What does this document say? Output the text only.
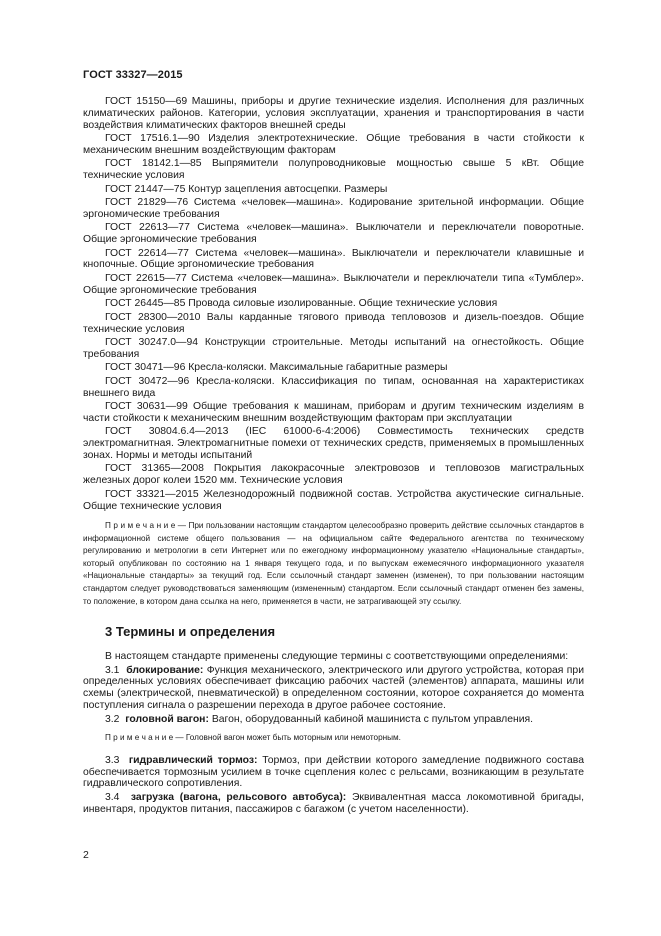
ГОСТ 33327—2015

ГОСТ 15150—69 Машины, приборы и другие технические изделия. Исполнения для различных климатических районов. Категории, условия эксплуатации, хранения и транспортирования в части воздействия климатических факторов внешней среды

ГОСТ 17516.1—90 Изделия электротехнические. Общие требования в части стойкости к механическим внешним воздействующим факторам

ГОСТ 18142.1—85 Выпрямители полупроводниковые мощностью свыше 5 кВт. Общие технические условия

ГОСТ 21447—75 Контур зацепления автосцепки. Размеры

ГОСТ 21829—76 Система «человек—машина». Кодирование зрительной информации. Общие эргономические требования

ГОСТ 22613—77 Система «человек—машина». Выключатели и переключатели поворотные. Общие эргономические требования

ГОСТ 22614—77 Система «человек—машина». Выключатели и переключатели клавишные и кнопочные. Общие эргономические требования

ГОСТ 22615—77 Система «человек—машина». Выключатели и переключатели типа «Тумблер». Общие эргономические требования

ГОСТ 26445—85 Провода силовые изолированные. Общие технические условия

ГОСТ 28300—2010 Валы карданные тягового привода тепловозов и дизель-поездов. Общие технические условия

ГОСТ 30247.0—94 Конструкции строительные. Методы испытаний на огнестойкость. Общие требования

ГОСТ 30471—96 Кресла-коляски. Максимальные габаритные размеры

ГОСТ 30472—96 Кресла-коляски. Классификация по типам, основанная на характеристиках внешнего вида

ГОСТ 30631—99 Общие требования к машинам, приборам и другим техническим изделиям в части стойкости к механическим внешним воздействующим факторам при эксплуатации

ГОСТ 30804.6.4—2013 (IEC 61000-6-4:2006) Совместимость технических средств электромагнитная. Электромагнитные помехи от технических средств, применяемых в промышленных зонах. Нормы и методы испытаний

ГОСТ 31365—2008 Покрытия лакокрасочные электровозов и тепловозов магистральных железных дорог колеи 1520 мм. Технические условия

ГОСТ 33321—2015 Железнодорожный подвижной состав. Устройства акустические сигнальные. Общие технические условия

П р и м е ч а н и е — При пользовании настоящим стандартом целесообразно проверить действие ссылочных стандартов в информационной системе общего пользования — на официальном сайте Федерального агентства по техническому регулированию и метрологии в сети Интернет или по ежегодному информационному указателю «Национальные стандарты», который опубликован по состоянию на 1 января текущего года, и по выпускам ежемесячного информационного указателя «Национальные стандарты» за текущий год. Если ссылочный стандарт заменен (изменен), то при пользовании настоящим стандартом следует руководствоваться заменяющим (измененным) стандартом. Если ссылочный стандарт отменен без замены, то положение, в котором дана ссылка на него, применяется в части, не затрагивающей эту ссылку.

3 Термины и определения

В настоящем стандарте применены следующие термины с соответствующими определениями:

3.1 блокирование: Функция механического, электрического или другого устройства, которая при определенных условиях обеспечивает фиксацию рабочих частей (элементов) аппарата, машины или схемы (электрической, пневматической) в определенном состоянии, которое сохраняется до момента поступления сигнала о разрешении перехода в другое рабочее состояние.

3.2 головной вагон: Вагон, оборудованный кабиной машиниста с пультом управления.

П р и м е ч а н и е — Головной вагон может быть моторным или немоторным.

3.3 гидравлический тормоз: Тормоз, при действии которого замедление подвижного состава обеспечивается тормозным усилием в точке сцепления колес с рельсами, возникающим в результате гидравлического сопротивления.

3.4 загрузка (вагона, рельсового автобуса): Эквивалентная масса локомотивной бригады, инвентаря, продуктов питания, пассажиров с багажом (с учетом населенности).

2
